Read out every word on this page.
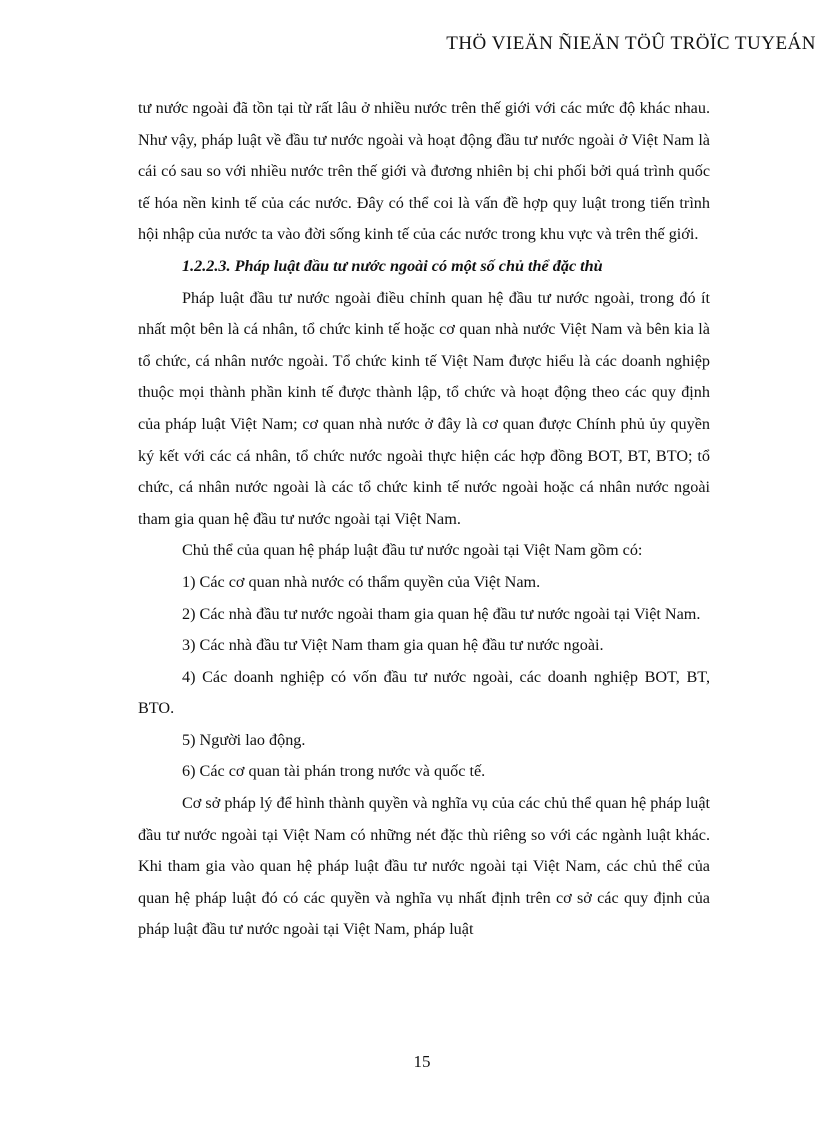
THÖ VIEÄN ÑIEÄN TÖÛ TRÖÏC TUYEÁN

tư nước ngoài đã tồn tại từ rất lâu ở nhiều nước trên thế giới với các mức độ khác nhau. Như vậy, pháp luật về đầu tư nước ngoài và hoạt động đầu tư nước ngoài ở Việt Nam là cái có sau so với nhiều nước trên thế giới và đương nhiên bị chi phối bởi quá trình quốc tế hóa nền kinh tế của các nước. Đây có thể coi là vấn đề hợp quy luật trong tiến trình hội nhập của nước ta vào đời sống kinh tế của các nước trong khu vực và trên thế giới.

1.2.2.3. Pháp luật đầu tư nước ngoài có một số chủ thể đặc thù

Pháp luật đầu tư nước ngoài điều chỉnh quan hệ đầu tư nước ngoài, trong đó ít nhất một bên là cá nhân, tổ chức kinh tế hoặc cơ quan nhà nước Việt Nam và bên kia là tổ chức, cá nhân nước ngoài. Tổ chức kinh tế Việt Nam được hiểu là các doanh nghiệp thuộc mọi thành phần kinh tế được thành lập, tổ chức và hoạt động theo các quy định của pháp luật Việt Nam; cơ quan nhà nước ở đây là cơ quan được Chính phủ ủy quyền ký kết với các cá nhân, tổ chức nước ngoài thực hiện các hợp đồng BOT, BT, BTO; tổ chức, cá nhân nước ngoài là các tổ chức kinh tế nước ngoài hoặc cá nhân nước ngoài tham gia quan hệ đầu tư nước ngoài tại Việt Nam.

Chủ thể của quan hệ pháp luật đầu tư nước ngoài tại Việt Nam gồm có:

1) Các cơ quan nhà nước có thẩm quyền của Việt Nam.

2) Các nhà đầu tư nước ngoài tham gia quan hệ đầu tư nước ngoài tại Việt Nam.

3) Các nhà đầu tư Việt Nam tham gia quan hệ đầu tư nước ngoài.

4) Các doanh nghiệp có vốn đầu tư nước ngoài, các doanh nghiệp BOT, BT, BTO.

5) Người lao động.

6) Các cơ quan tài phán trong nước và quốc tế.

Cơ sở pháp lý để hình thành quyền và nghĩa vụ của các chủ thể quan hệ pháp luật đầu tư nước ngoài tại Việt Nam có những nét đặc thù riêng so với các ngành luật khác. Khi tham gia vào quan hệ pháp luật đầu tư nước ngoài tại Việt Nam, các chủ thể của quan hệ pháp luật đó có các quyền và nghĩa vụ nhất định trên cơ sở các quy định của pháp luật đầu tư nước ngoài tại Việt Nam, pháp luật

15
